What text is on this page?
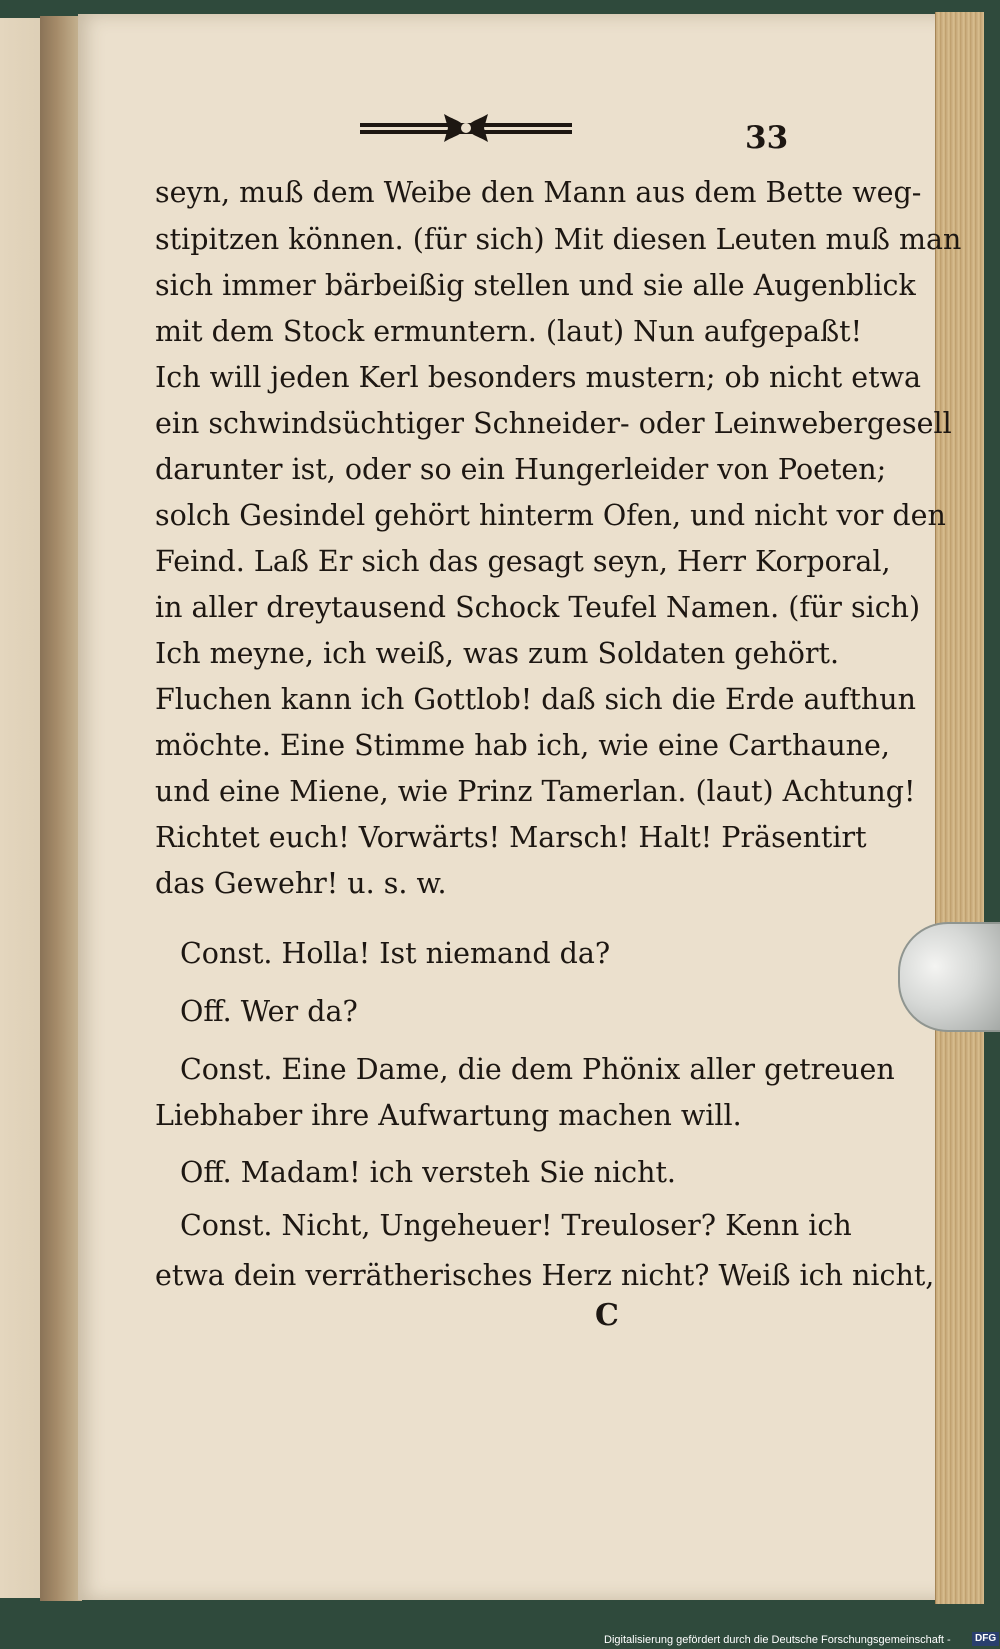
33
seyn, muß dem Weibe den Mann aus dem Bette weg-
stipitzen können. (für sich) Mit diesen Leuten muß man
sich immer bärbeißig stellen und sie alle Augenblick
mit dem Stock ermuntern. (laut) Nun aufgepaßt!
Ich will jeden Kerl besonders mustern; ob nicht etwa
ein schwindsüchtiger Schneider- oder Leinwebergesell
darunter ist, oder so ein Hungerleider von Poeten;
solch Gesindel gehört hinterm Ofen, und nicht vor den
Feind. Laß Er sich das gesagt seyn, Herr Korporal,
in aller dreytausend Schock Teufel Namen. (für sich)
Ich meyne, ich weiß, was zum Soldaten gehört.
Fluchen kann ich Gottlob! daß sich die Erde aufthun
möchte. Eine Stimme hab ich, wie eine Carthaune,
und eine Miene, wie Prinz Tamerlan. (laut) Achtung!
Richtet euch! Vorwärts! Marsch! Halt! Präsentirt
das Gewehr! u. s. w.
Const. Holla! Ist niemand da?
Off. Wer da?
Const. Eine Dame, die dem Phönix aller getreuen
Liebhaber ihre Aufwartung machen will.
Off. Madam! ich versteh Sie nicht.
Const. Nicht, Ungeheuer! Treuloser? Kenn ich
etwa dein verrätherisches Herz nicht? Weiß ich nicht,
C
Digitalisierung gefördert durch die Deutsche Forschungsgemeinschaft -	DFG
